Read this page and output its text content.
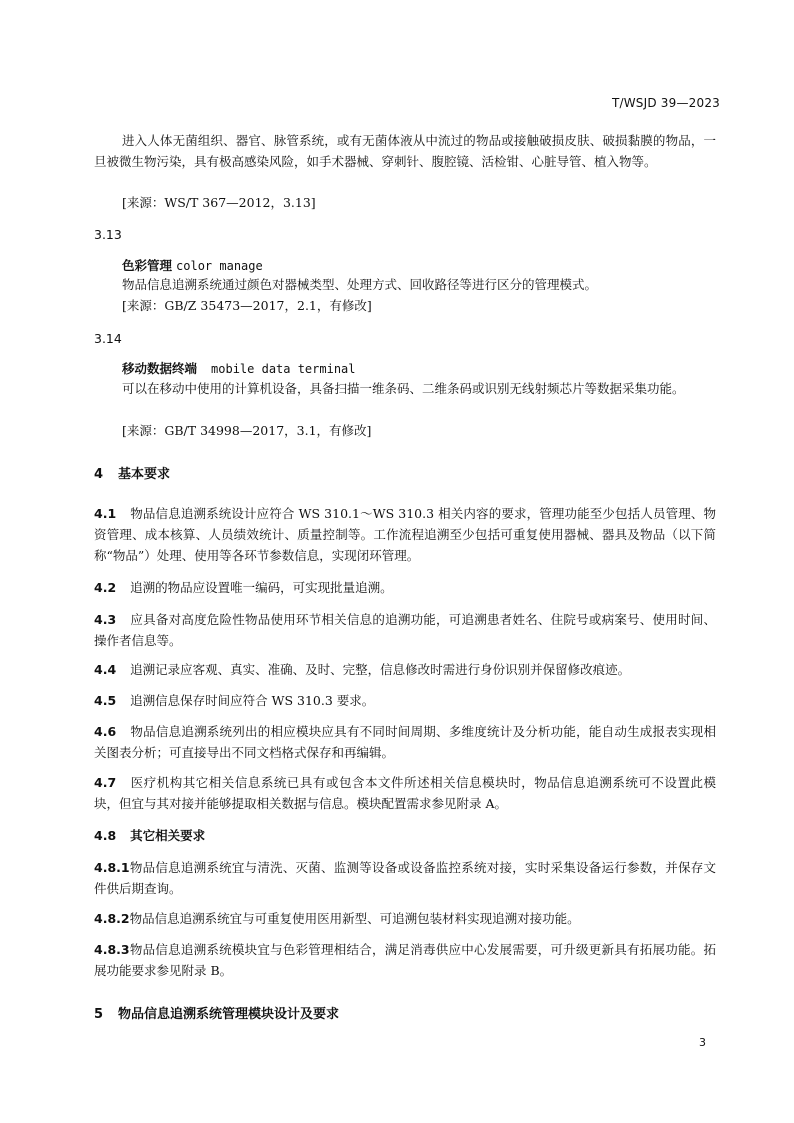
T/WSJD 39—2023
进入人体无菌组织、器官、脉管系统，或有无菌体液从中流过的物品或接触破损皮肤、破损黏膜的物品，一旦被微生物污染，具有极高感染风险，如手术器械、穿刺针、腹腔镜、活检钳、心脏导管、植入物等。
[来源：WS/T 367—2012，3.13]
3.13
色彩管理 color manage
物品信息追溯系统通过颜色对器械类型、处理方式、回收路径等进行区分的管理模式。
[来源：GB/Z 35473—2017，2.1，有修改]
3.14
移动数据终端 mobile data terminal
可以在移动中使用的计算机设备，具备扫描一维条码、二维条码或识别无线射频芯片等数据采集功能。
[来源：GB/T 34998—2017，3.1，有修改]
4 基本要求
4.1 物品信息追溯系统设计应符合 WS 310.1～WS 310.3 相关内容的要求，管理功能至少包括人员管理、物资管理、成本核算、人员绩效统计、质量控制等。工作流程追溯至少包括可重复使用器械、器具及物品（以下简称“物品”）处理、使用等各环节参数信息，实现闭环管理。
4.2 追溯的物品应设置唯一编码，可实现批量追溯。
4.3 应具备对高度危险性物品使用环节相关信息的追溯功能，可追溯患者姓名、住院号或病案号、使用时间、操作者信息等。
4.4 追溯记录应客观、真实、准确、及时、完整，信息修改时需进行身份识别并保留修改痕迹。
4.5 追溯信息保存时间应符合 WS 310.3 要求。
4.6 物品信息追溯系统列出的相应模块应具有不同时间周期、多维度统计及分析功能，能自动生成报表实现相关图表分析；可直接导出不同文档格式保存和再编辑。
4.7 医疗机构其它相关信息系统已具有或包含本文件所述相关信息模块时，物品信息追溯系统可不设置此模块，但宜与其对接并能够提取相关数据与信息。模块配置需求参见附录 A。
4.8 其它相关要求
4.8.1物品信息追溯系统宜与清洗、灭菌、监测等设备或设备监控系统对接，实时采集设备运行参数，并保存文件供后期查询。
4.8.2物品信息追溯系统宜与可重复使用医用新型、可追溯包装材料实现追溯对接功能。
4.8.3物品信息追溯系统模块宜与色彩管理相结合，满足消毒供应中心发展需要，可升级更新具有拓展功能。拓展功能要求参见附录 B。
5 物品信息追溯系统管理模块设计及要求
3
